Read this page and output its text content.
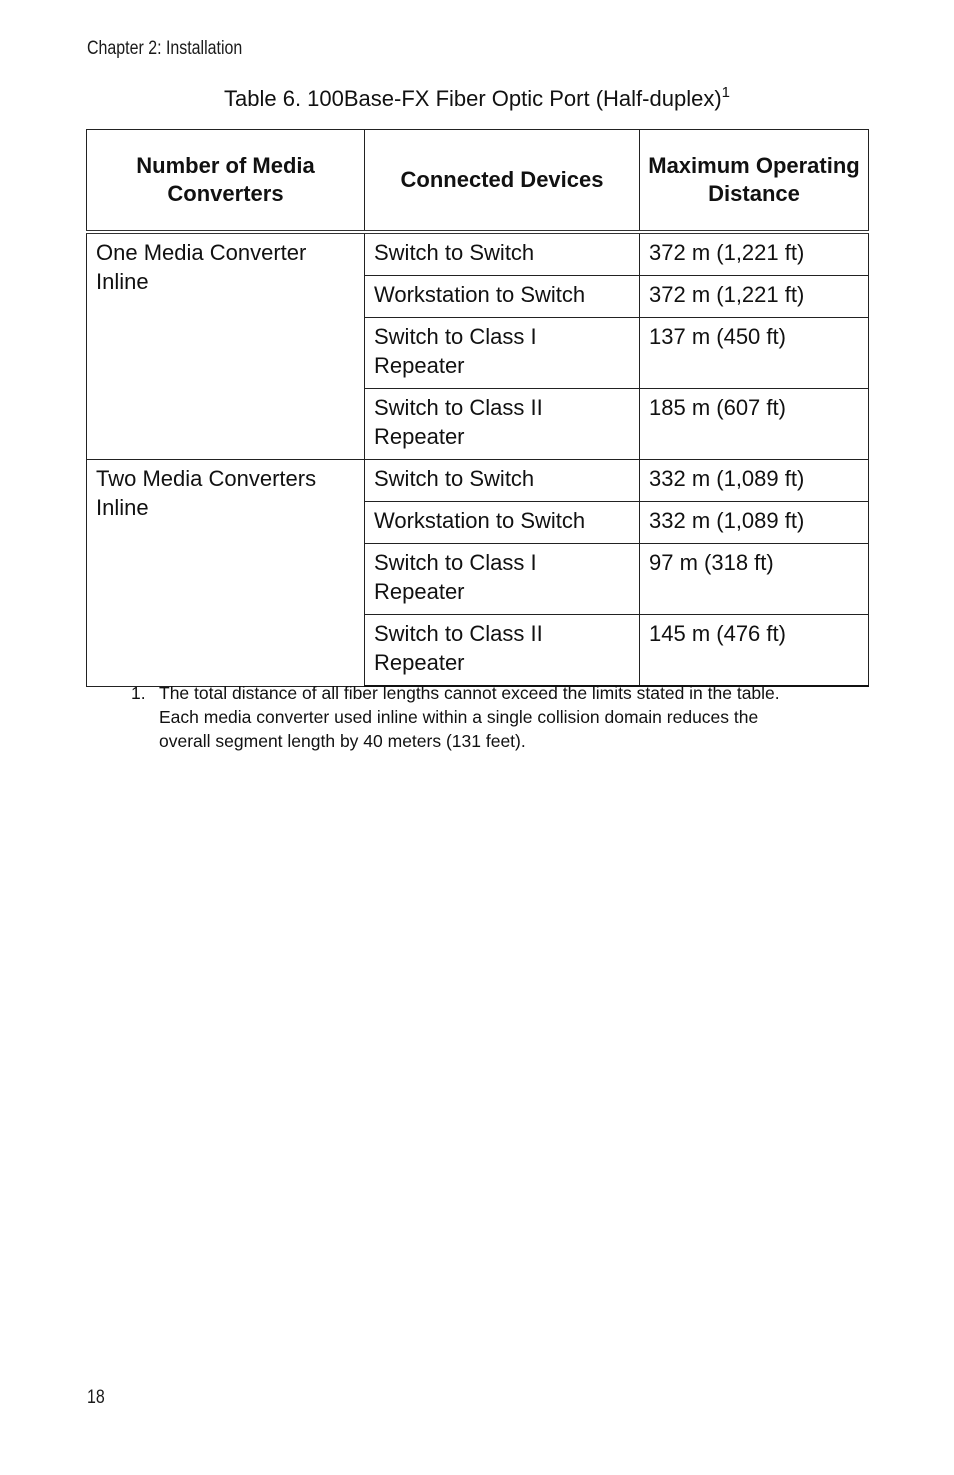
Chapter 2: Installation
Table 6. 100Base-FX Fiber Optic Port (Half-duplex)$^1$
Number of Media Converters	Connected Devices	Maximum Operating Distance
One Media Converter Inline	Switch to Switch	372 m (1,221 ft)
	Workstation to Switch	372 m (1,221 ft)
	Switch to Class I Repeater	137 m (450 ft)
	Switch to Class II Repeater	185 m (607 ft)
Two Media Converters Inline	Switch to Switch	332 m (1,089 ft)
	Workstation to Switch	332 m (1,089 ft)
	Switch to Class I Repeater	97 m (318 ft)
	Switch to Class II Repeater	145 m (476 ft)
1. The total distance of all fiber lengths cannot exceed the limits stated in the table. Each media converter used inline within a single collision domain reduces the overall segment length by 40 meters (131 feet).
18
